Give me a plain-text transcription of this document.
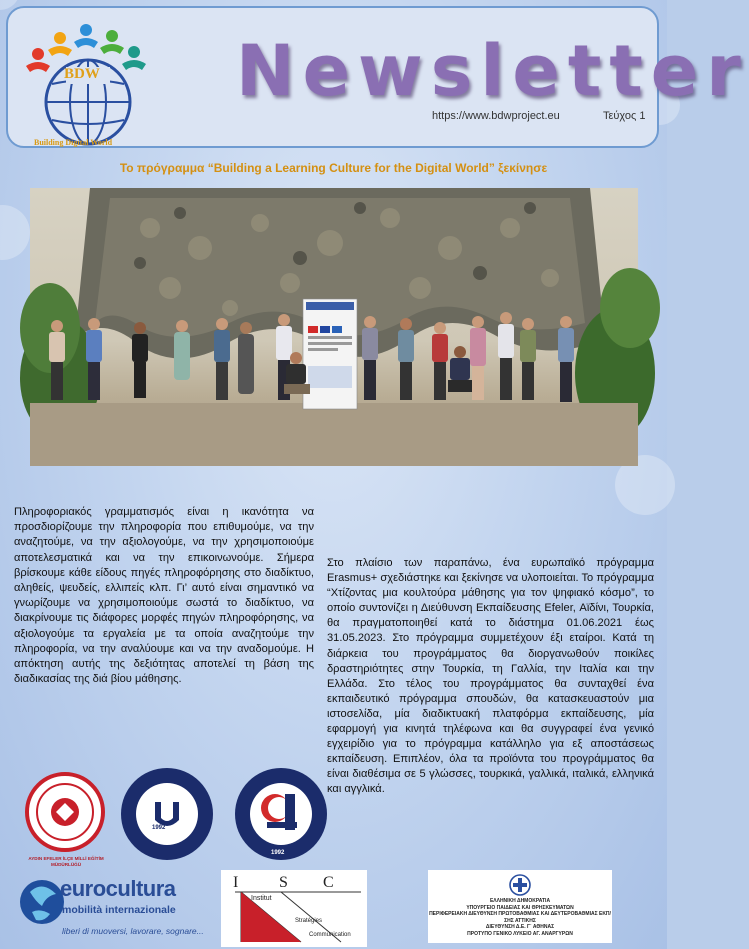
BDW
Building Digital World
Newsletter
https://www.bdwproject.eu	Τεύχος 1
Το πρόγραμμα “Building a Learning Culture for the Digital World” ξεκίνησε

Πληροφοριακός γραμματισμός είναι η ικανότητα να προσδιορίζουμε την πληροφορία που επιθυμούμε, να την αναζητούμε, να την αξιολογούμε, να την χρησιμοποιούμε αποτελεσματικά και να την επικοινωνούμε. Σήμερα βρίσκουμε κάθε είδους πηγές πληροφόρησης στο διαδίκτυο, αληθείς, ψευδείς, ελλιπείς κλπ. Γι’ αυτό είναι σημαντικό να γνωρίζουμε να χρησιμοποιούμε σωστά το διαδίκτυο, να διακρίνουμε τις διάφορες μορφές πηγών πληροφόρησης, να αξιολογούμε τα εργαλεία με τα οποία αναζητούμε την πληροφορία, να την αναλύουμε και να την αναδομούμε. Η απόκτηση αυτής της δεξιότητας αποτελεί τη βάση της διαδικασίας της διά βίου μάθησης.

Στο πλαίσιο των παραπάνω, ένα ευρωπαϊκό πρόγραμμα Erasmus+ σχεδιάστηκε και ξεκίνησε να υλοποιείται. Το πρόγραμμα “Χτίζοντας μια κουλτούρα μάθησης για τον ψηφιακό κόσμο”, το οποίο συντονίζει η Διεύθυνση Εκπαίδευσης Efeler, Αϊδίνι, Τουρκία, θα πραγματοποιηθεί κατά το διάστημα 01.06.2021 έως 31.05.2023. Στο πρόγραμμα συμμετέχουν έξι εταίροι. Κατά τη διάρκεια του προγράμματος θα διοργανωθούν ποικίλες δραστηριότητες στην Τουρκία, τη Γαλλία, την Ιταλία και την Ελλάδα. Στο τέλος του προγράμματος θα συνταχθεί ένα εκπαιδευτικό πρόγραμμα σπουδών, θα κατασκευαστούν μια ιστοσελίδα, μία διαδικτυακή πλατφόρμα εκπαίδευσης, μία εφαρμογή για κινητά τηλέφωνα και θα συγγραφεί ένα γενικό εγχειρίδιο για το πρόγραμμα κατάλληλο για εξ αποστάσεως εκπαίδευση. Επιπλέον, όλα τα προϊόντα του προγράμματος θα είναι διαθέσιμα σε 5 γλώσσες, τουρκικά, γαλλικά, ιταλικά, ελληνικά και αγγλικά.

AYDIN EFELER İLÇE MİLLİ EĞİTİM MÜDÜRLÜĞÜ
1992
1992
eurocultura
mobilità internazionale
liberi di muoversi, lavorare, sognare...
I	S C
Institut
Stratégies
Communication
ΕΛΛΗΝΙΚΗ ΔΗΜΟΚΡΑΤΙΑ
ΥΠΟΥΡΓΕΙΟ ΠΑΙΔΕΙΑΣ ΚΑΙ ΘΡΗΣΚΕΥΜΑΤΩΝ
ΠΕΡΙΦΕΡΕΙΑΚΗ ΔΙΕΥΘΥΝΣΗ ΠΡΩΤΟΒΑΘΜΙΑΣ ΚΑΙ ΔΕΥΤΕΡΟΒΑΘΜΙΑΣ ΕΚΠ/ΣΗΣ ΑΤΤΙΚΗΣ
ΔΙΕΥΘΥΝΣΗ Δ.Ε. Γ΄ ΑΘΗΝΑΣ
ΠΡΟΤΥΠΟ ΓΕΝΙΚΟ ΛΥΚΕΙΟ ΑΓ. ΑΝΑΡΓΥΡΩΝ
